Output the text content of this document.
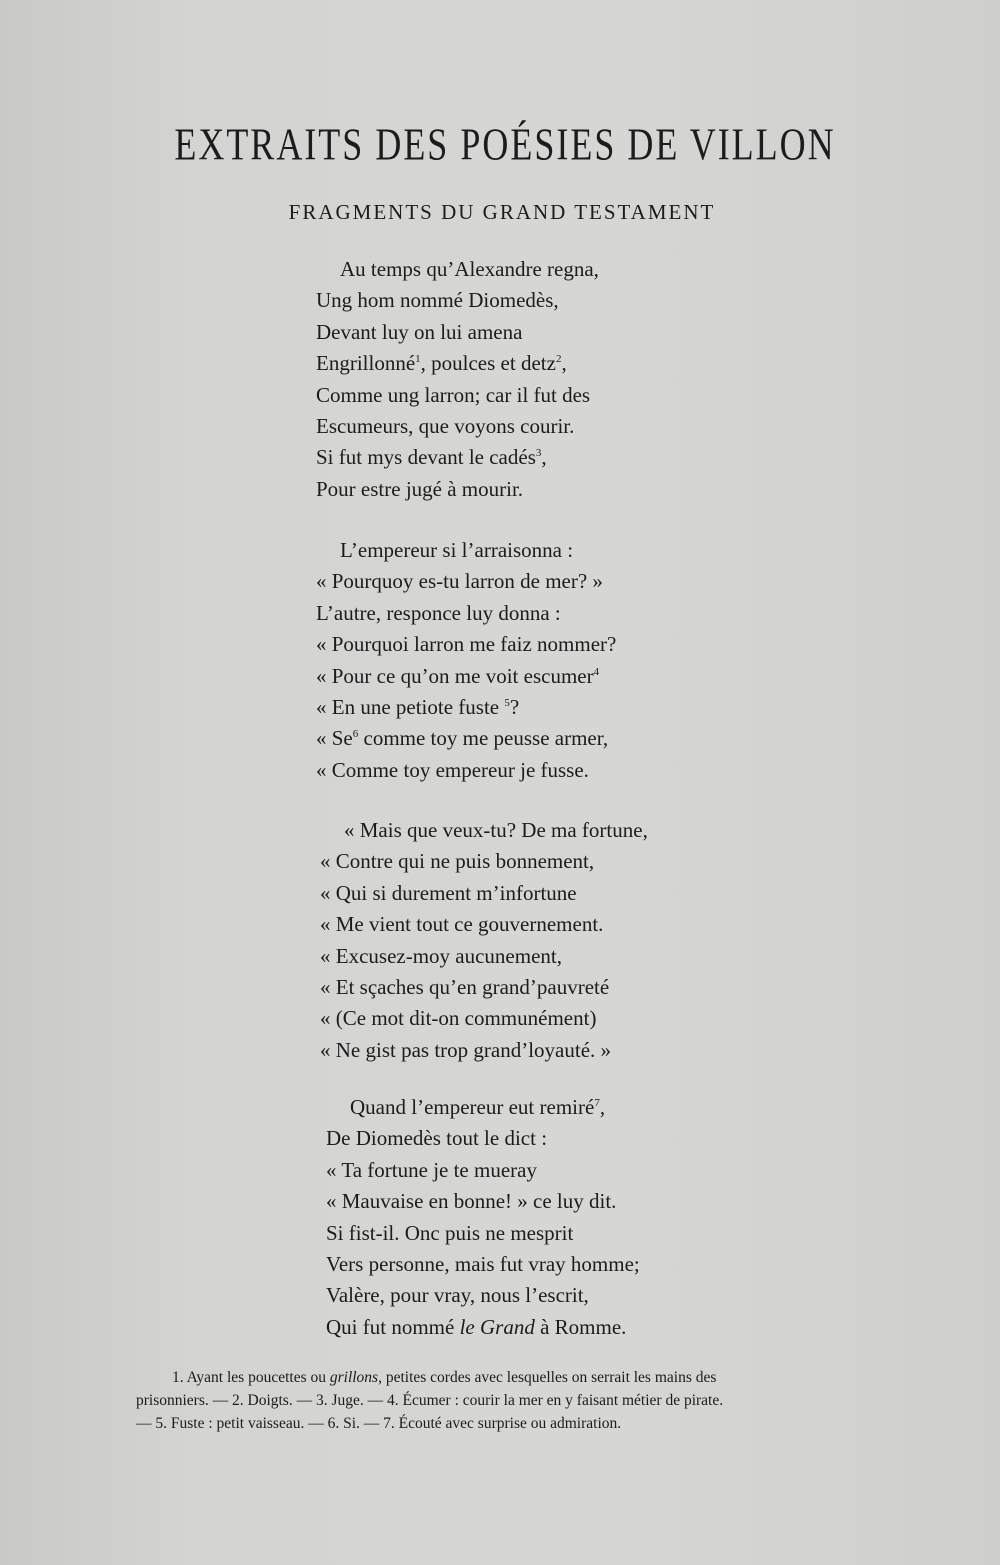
EXTRAITS DES POÉSIES DE VILLON
FRAGMENTS DU GRAND TESTAMENT
Au temps qu’Alexandre regna,
Ung hom nommé Diomedès,
Devant luy on lui amena
Engrillonné$^1$, poulces et detz$^2$,
Comme ung larron; car il fut des
Escumeurs, que voyons courir.
Si fut mys devant le cadés$^3$,
Pour estre jugé à mourir.
L’empereur si l’arraisonna :
« Pourquoy es-tu larron de mer? »
L’autre, responce luy donna :
« Pourquoi larron me faiz nommer?
« Pour ce qu’on me voit escumer$^4$
« En une petiote fuste $^5$?
« Se$^6$ comme toy me peusse armer,
« Comme toy empereur je fusse.
« Mais que veux-tu? De ma fortune,
« Contre qui ne puis bonnement,
« Qui si durement m’infortune
« Me vient tout ce gouvernement.
« Excusez-moy aucunement,
« Et sçaches qu’en grand’pauvreté
« (Ce mot dit-on communément)
« Ne gist pas trop grand’loyauté. »
Quand l’empereur eut remiré$^7$,
De Diomedès tout le dict :
« Ta fortune je te mueray
« Mauvaise en bonne! » ce luy dit.
Si fist-il. Onc puis ne mesprit
Vers personne, mais fut vray homme;
Valère, pour vray, nous l’escrit,
Qui fut nommé le Grand à Romme.
1. Ayant les poucettes ou grillons, petites cordes avec lesquelles on serrait les mains des
prisonniers. — 2. Doigts. — 3. Juge. — 4. Écumer : courir la mer en y faisant métier de pirate.
— 5. Fuste : petit vaisseau. — 6. Si. — 7. Écouté avec surprise ou admiration.
